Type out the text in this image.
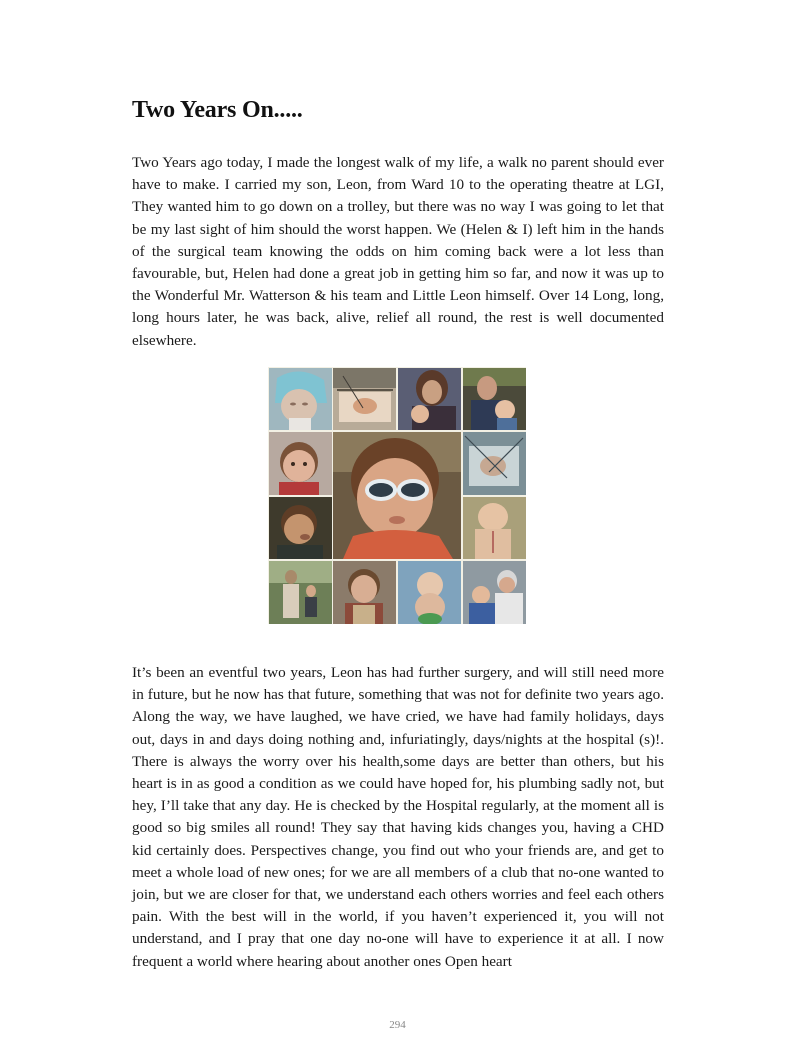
Two Years On.....

Two Years ago today, I made the longest walk of my life, a walk no parent should ever have to make. I carried my son, Leon, from Ward 10 to the operating theatre at LGI, They wanted him to go down on a trolley, but there was no way I was going to let that be my last sight of him should the worst happen. We (Helen & I) left him in the hands of the surgical team knowing the odds on him coming back were a lot less than favourable, but, Helen had done a great job in getting him so far, and now it was up to the Wonderful Mr. Watterson & his team and Little Leon himself. Over 14 Long, long, long hours later, he was back, alive, relief all round, the rest is well documented elsewhere.

It’s been an eventful two years, Leon has had further surgery, and will still need more in future, but he now has that future, something that was not for definite two years ago. Along the way, we have laughed, we have cried, we have had family holidays, days out, days in and days doing nothing and, infuriatingly, days/nights at the hospital (s)!. There is always the worry over his health,some days are better than others, but his heart is in as good a condition as we could have hoped for, his plumbing sadly not, but hey, I’ll take that any day. He is checked by the Hospital regularly, at the moment all is good so big smiles all round! They say that having kids changes you, having a CHD kid certainly does. Perspectives change, you find out who your friends are, and get to meet a whole load of new ones; for we are all members of a club that no-one wanted to join, but we are closer for that, we understand each others worries and feel each others pain. With the best will in the world, if you haven’t experienced it, you will not understand, and I pray that one day no-one will have to experience it at all. I now frequent a world where hearing about another ones Open heart

294
